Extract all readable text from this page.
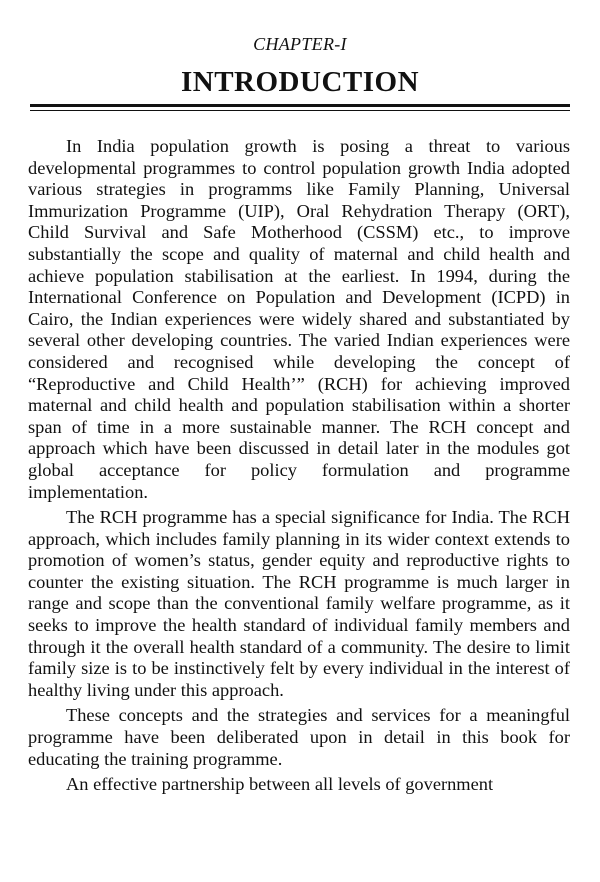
CHAPTER-I
INTRODUCTION

In India population growth is posing a threat to various developmental programmes to control population growth India adopted various strategies in programms like Family Planning, Universal Immurization Programme (UIP), Oral Rehydration Therapy (ORT), Child Survival and Safe Motherhood (CSSM) etc., to improve substantially the scope and quality of maternal and child health and achieve population stabilisation at the earliest. In 1994, during the International Conference on Population and Development (ICPD) in Cairo, the Indian experiences were widely shared and substantiated by several other developing countries. The varied Indian experiences were considered and recognised while developing the concept of “Reproductive and Child Health’” (RCH) for achieving improved maternal and child health and population stabilisation within a shorter span of time in a more sustainable manner. The RCH concept and approach which have been discussed in detail later in the modules got global acceptance for policy formulation and programme implementation.

The RCH programme has a special significance for India. The RCH approach, which includes family planning in its wider context extends to promotion of women’s status, gender equity and reproductive rights to counter the existing situation. The RCH programme is much larger in range and scope than the conventional family welfare programme, as it seeks to improve the health standard of individual family members and through it the overall health standard of a community. The desire to limit family size is to be instinctively felt by every individual in the interest of healthy living under this approach.

These concepts and the strategies and services for a meaningful programme have been deliberated upon in detail in this book for educating the training programme.

An effective partnership between all levels of government
